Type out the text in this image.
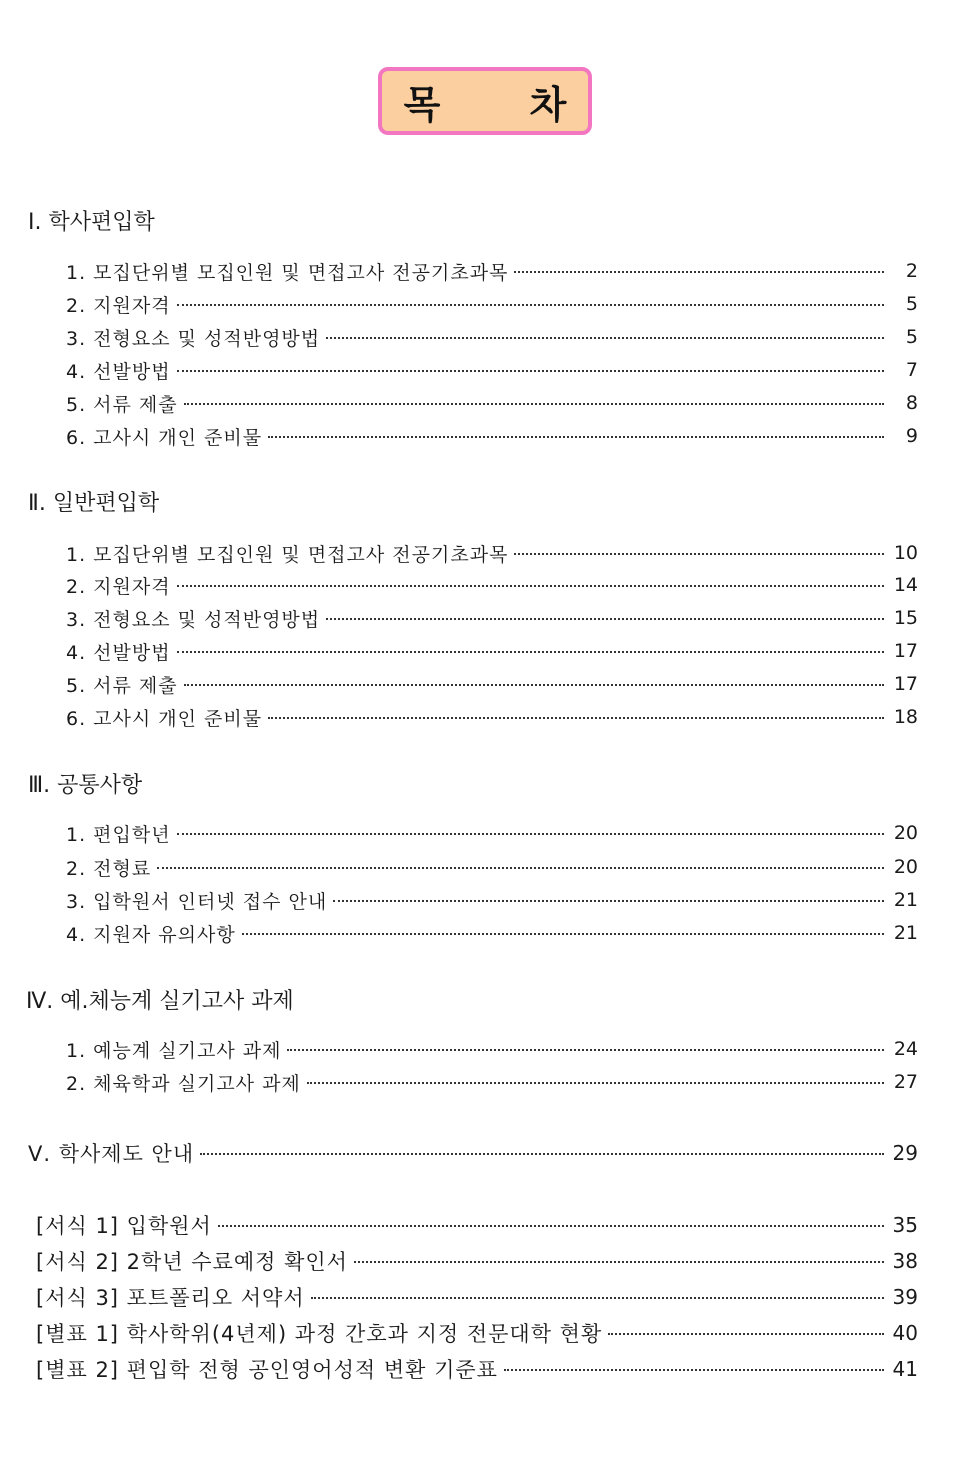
목 차
Ⅰ. 학사편입학
1. 모집단위별 모집인원 및 면접고사 전공기초과목	2
2. 지원자격	5
3. 전형요소 및 성적반영방법	5
4. 선발방법	7
5. 서류 제출	8
6. 고사시 개인 준비물	9
Ⅱ. 일반편입학
1. 모집단위별 모집인원 및 면접고사 전공기초과목	10
2. 지원자격	14
3. 전형요소 및 성적반영방법	15
4. 선발방법	17
5. 서류 제출	17
6. 고사시 개인 준비물	18
Ⅲ. 공통사항
1. 편입학년	20
2. 전형료	20
3. 입학원서 인터넷 접수 안내	21
4. 지원자 유의사항	21
Ⅳ. 예.체능계 실기고사 과제
1. 예능계 실기고사 과제	24
2. 체육학과 실기고사 과제	27
Ⅴ. 학사제도 안내	29
[서식 1] 입학원서	35
[서식 2] 2학년 수료예정 확인서	38
[서식 3] 포트폴리오 서약서	39
[별표 1] 학사학위(4년제) 과정 간호과 지정 전문대학 현황	40
[별표 2] 편입학 전형 공인영어성적 변환 기준표	41
